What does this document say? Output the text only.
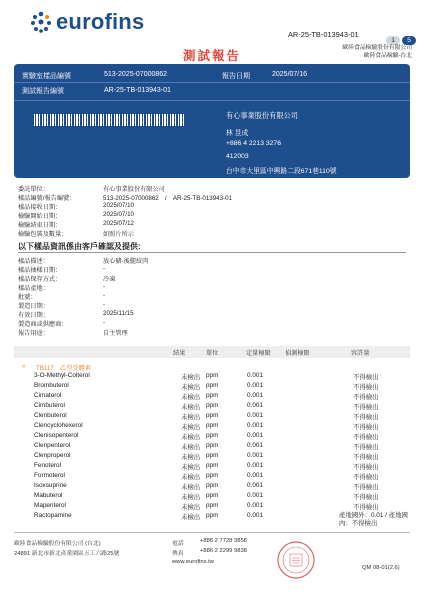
eurofins
AR-25-TB-013943-01
1 5
歐陸食品檢驗股份有限公司
歐陸食品檢驗-台北
測試報告
實驗室樣品編號	513-2025-07000862	報告日期	2025/07/16
測試報告編號	AR-25-TB-013943-01
有心事業股份有限公司
林 昱成
+886 4 2213 3276
412003
台中市大里區中興路二段671巷110號
委託單位：	有心事業股份有限公司
樣品編號/報告編號：	513-2025-07000862　/　AR-25-TB-013943-01
樣品接收日期：	2025/07/10
檢驗開始日期：	2025/07/10
檢驗結束日期：	2025/07/12
檢驗包裝及數量：	如照片所示
以下樣品資訊係由客戶確認及提供:
樣品描述：	放心豬-後腿絞肉
樣品抽樣日期：	-
樣品保存方式：	冷凍
樣品產地：	-
批號：	-
製造日期：	-
有效日期：	2025/11/15
製造商或供應商：	-
報告用途：	自主管理
結果	單位	定量極限 偵測極限	容許量
» TB117　乙型受體素
3-O-Methyl-Colterol	未檢出 ppm	0.001	不得檢出
Brombuterol	未檢出 ppm	0.001	不得檢出
Cimaterol	未檢出 ppm	0.001	不得檢出
Cimbuterol	未檢出 ppm	0.001	不得檢出
Clenbuterol	未檢出 ppm	0.001	不得檢出
Clencyclohexerol	未檢出 ppm	0.001	不得檢出
Clenisopenterol	未檢出 ppm	0.001	不得檢出
Clenpenterol	未檢出 ppm	0.001	不得檢出
Clenproperol	未檢出 ppm	0.001	不得檢出
Fenoterol	未檢出 ppm	0.001	不得檢出
Formoterol	未檢出 ppm	0.001	不得檢出
Isoxsuprine	未檢出 ppm	0.001	不得檢出
Mabuterol	未檢出 ppm	0.001	不得檢出
Mapenterol	未檢出 ppm	0.001	不得檢出
Ractopamine	未檢出 ppm	0.001	產地國外：0.01 / 產地國內：不得檢出
歐陸食品檢驗股份有限公司 (台北)
24891 新北市新北產業園區五工六路25號
電話	+886 2 7728 3858
傳真	+886 2 2299 9838
www.eurofins.tw
QM 08-01(2.6)
